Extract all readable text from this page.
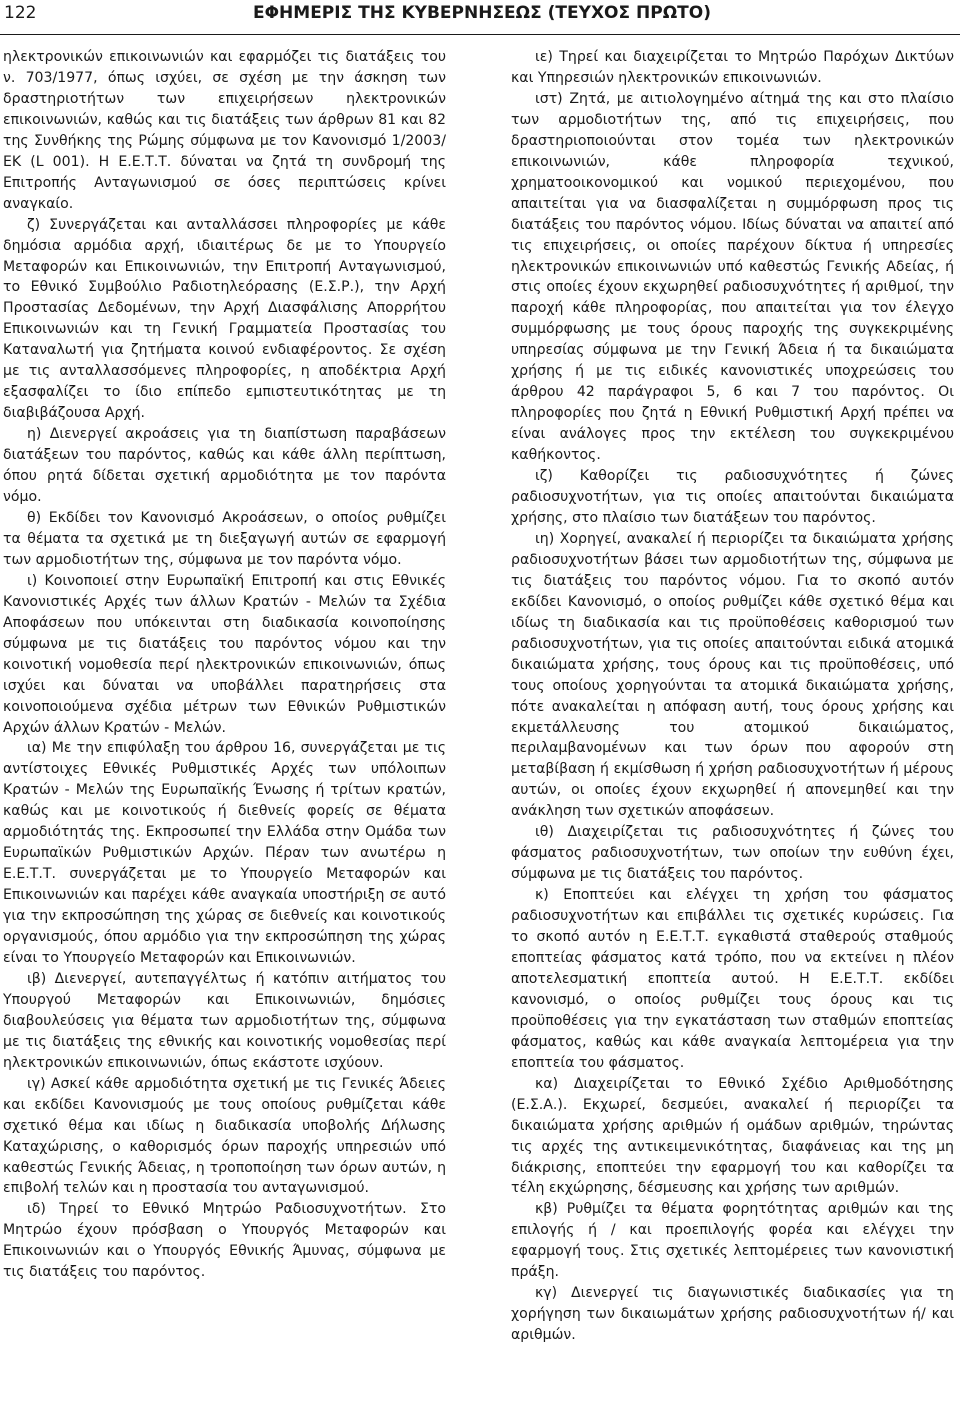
122	ΕΦΗΜΕΡΙΣ ΤΗΣ ΚΥΒΕΡΝΗΣΕΩΣ (ΤΕΥΧΟΣ ΠΡΩΤΟ)

ηλεκτρονικών επικοινωνιών και εφαρμόζει τις διατάξεις του ν. 703/1977, όπως ισχύει, σε σχέση με την άσκηση των δραστηριοτήτων των επιχειρήσεων ηλεκτρονικών επικοινωνιών, καθώς και τις διατάξεις των άρθρων 81 και 82 της Συνθήκης της Ρώμης σύμφωνα με τον Κανονισμό 1/2003/ΕΚ (L 001). Η Ε.Ε.Τ.Τ. δύναται να ζητά τη συνδρομή της Επιτροπής Ανταγωνισμού σε όσες περιπτώσεις κρίνει αναγκαίο.

ζ) Συνεργάζεται και ανταλλάσσει πληροφορίες με κάθε δημόσια αρμόδια αρχή, ιδιαιτέρως δε με το Υπουργείο Μεταφορών και Επικοινωνιών, την Επιτροπή Ανταγωνισμού, το Εθνικό Συμβούλιο Ραδιοτηλεόρασης (Ε.Σ.Ρ.), την Αρχή Προστασίας Δεδομένων, την Αρχή Διασφάλισης Απορρήτου Επικοινωνιών και τη Γενική Γραμματεία Προστασίας του Καταναλωτή για ζητήματα κοινού ενδιαφέροντος. Σε σχέση με τις ανταλλασσόμενες πληροφορίες, η αποδέκτρια Αρχή εξασφαλίζει το ίδιο επίπεδο εμπιστευτικότητας με τη διαβιβάζουσα Αρχή.

η) Διενεργεί ακροάσεις για τη διαπίστωση παραβάσεων διατάξεων του παρόντος, καθώς και κάθε άλλη περίπτωση, όπου ρητά δίδεται σχετική αρμοδιότητα με τον παρόντα νόμο.

θ) Εκδίδει τον Κανονισμό Ακροάσεων, ο οποίος ρυθμίζει τα θέματα τα σχετικά με τη διεξαγωγή αυτών σε εφαρμογή των αρμοδιοτήτων της, σύμφωνα με τον παρόντα νόμο.

ι) Κοινοποιεί στην Ευρωπαϊκή Επιτροπή και στις Εθνικές Κανονιστικές Αρχές των άλλων Κρατών - Μελών τα Σχέδια Αποφάσεων που υπόκεινται στη διαδικασία κοινοποίησης σύμφωνα με τις διατάξεις του παρόντος νόμου και την κοινοτική νομοθεσία περί ηλεκτρονικών επικοινωνιών, όπως ισχύει και δύναται να υποβάλλει παρατηρήσεις στα κοινοποιούμενα σχέδια μέτρων των Εθνικών Ρυθμιστικών Αρχών άλλων Κρατών - Μελών.

ια) Με την επιφύλαξη του άρθρου 16, συνεργάζεται με τις αντίστοιχες Εθνικές Ρυθμιστικές Αρχές των υπόλοιπων Κρατών - Μελών της Ευρωπαϊκής Ένωσης ή τρίτων κρατών, καθώς και με κοινοτικούς ή διεθνείς φορείς σε θέματα αρμοδιότητάς της. Εκπροσωπεί την Ελλάδα στην Ομάδα των Ευρωπαϊκών Ρυθμιστικών Αρχών. Πέραν των ανωτέρω η Ε.Ε.Τ.Τ. συνεργάζεται με το Υπουργείο Μεταφορών και Επικοινωνιών και παρέχει κάθε αναγκαία υποστήριξη σε αυτό για την εκπροσώπηση της χώρας σε διεθνείς και κοινοτικούς οργανισμούς, όπου αρμόδιο για την εκπροσώπηση της χώρας είναι το Υπουργείο Μεταφορών και Επικοινωνιών.

ιβ) Διενεργεί, αυτεπαγγέλτως ή κατόπιν αιτήματος του Υπουργού Μεταφορών και Επικοινωνιών, δημόσιες διαβουλεύσεις για θέματα των αρμοδιοτήτων της, σύμφωνα με τις διατάξεις της εθνικής και κοινοτικής νομοθεσίας περί ηλεκτρονικών επικοινωνιών, όπως εκάστοτε ισχύουν.

ιγ) Ασκεί κάθε αρμοδιότητα σχετική με τις Γενικές Άδειες και εκδίδει Κανονισμούς με τους οποίους ρυθμίζεται κάθε σχετικό θέμα και ιδίως η διαδικασία υποβολής Δήλωσης Καταχώρισης, ο καθορισμός όρων παροχής υπηρεσιών υπό καθεστώς Γενικής Άδειας, η τροποποίηση των όρων αυτών, η επιβολή τελών και η προστασία του ανταγωνισμού.

ιδ) Τηρεί το Εθνικό Μητρώο Ραδιοσυχνοτήτων. Στο Μητρώο έχουν πρόσβαση ο Υπουργός Μεταφορών και Επικοινωνιών και ο Υπουργός Εθνικής Άμυνας, σύμφωνα με τις διατάξεις του παρόντος.

ιε) Τηρεί και διαχειρίζεται το Μητρώο Παρόχων Δικτύων και Υπηρεσιών ηλεκτρονικών επικοινωνιών.

ιστ) Ζητά, με αιτιολογημένο αίτημά της και στο πλαίσιο των αρμοδιοτήτων της, από τις επιχειρήσεις, που δραστηριοποιούνται στον τομέα των ηλεκτρονικών επικοινωνιών, κάθε πληροφορία τεχνικού, χρηματοοικονομικού και νομικού περιεχομένου, που απαιτείται για να διασφαλίζεται η συμμόρφωση προς τις διατάξεις του παρόντος νόμου. Ιδίως δύναται να απαιτεί από τις επιχειρήσεις, οι οποίες παρέχουν δίκτυα ή υπηρεσίες ηλεκτρονικών επικοινωνιών υπό καθεστώς Γενικής Αδείας, ή στις οποίες έχουν εκχωρηθεί ραδιοσυχνότητες ή αριθμοί, την παροχή κάθε πληροφορίας, που απαιτείται για τον έλεγχο συμμόρφωσης με τους όρους παροχής της συγκεκριμένης υπηρεσίας σύμφωνα με την Γενική Άδεια ή τα δικαιώματα χρήσης ή με τις ειδικές κανονιστικές υποχρεώσεις του άρθρου 42 παράγραφοι 5, 6 και 7 του παρόντος. Οι πληροφορίες που ζητά η Εθνική Ρυθμιστική Αρχή πρέπει να είναι ανάλογες προς την εκτέλεση του συγκεκριμένου καθήκοντος.

ιζ) Καθορίζει τις ραδιοσυχνότητες ή ζώνες ραδιοσυχνοτήτων, για τις οποίες απαιτούνται δικαιώματα χρήσης, στο πλαίσιο των διατάξεων του παρόντος.

ιη) Χορηγεί, ανακαλεί ή περιορίζει τα δικαιώματα χρήσης ραδιοσυχνοτήτων βάσει των αρμοδιοτήτων της, σύμφωνα με τις διατάξεις του παρόντος νόμου. Για το σκοπό αυτόν εκδίδει Κανονισμό, ο οποίος ρυθμίζει κάθε σχετικό θέμα και ιδίως τη διαδικασία και τις προϋποθέσεις καθορισμού των ραδιοσυχνοτήτων, για τις οποίες απαιτούνται ειδικά ατομικά δικαιώματα χρήσης, τους όρους και τις προϋποθέσεις, υπό τους οποίους χορηγούνται τα ατομικά δικαιώματα χρήσης, πότε ανακαλείται η απόφαση αυτή, τους όρους χρήσης και εκμετάλλευσης του ατομικού δικαιώματος, περιλαμβανομένων και των όρων που αφορούν στη μεταβίβαση ή εκμίσθωση ή χρήση ραδιοσυχνοτήτων ή μέρους αυτών, οι οποίες έχουν εκχωρηθεί ή απονεμηθεί και την ανάκληση των σχετικών αποφάσεων.

ιθ) Διαχειρίζεται τις ραδιοσυχνότητες ή ζώνες του φάσματος ραδιοσυχνοτήτων, των οποίων την ευθύνη έχει, σύμφωνα με τις διατάξεις του παρόντος.

κ) Εποπτεύει και ελέγχει τη χρήση του φάσματος ραδιοσυχνοτήτων και επιβάλλει τις σχετικές κυρώσεις. Για το σκοπό αυτόν η Ε.Ε.Τ.Τ. εγκαθιστά σταθερούς σταθμούς εποπτείας φάσματος κατά τρόπο, που να εκτείνει η πλέον αποτελεσματική εποπτεία αυτού. Η Ε.Ε.Τ.Τ. εκδίδει κανονισμό, ο οποίος ρυθμίζει τους όρους και τις προϋποθέσεις για την εγκατάσταση των σταθμών εποπτείας φάσματος, καθώς και κάθε αναγκαία λεπτομέρεια για την εποπτεία του φάσματος.

κα) Διαχειρίζεται το Εθνικό Σχέδιο Αριθμοδότησης (Ε.Σ.Α.). Εκχωρεί, δεσμεύει, ανακαλεί ή περιορίζει τα δικαιώματα χρήσης αριθμών ή ομάδων αριθμών, τηρώντας τις αρχές της αντικειμενικότητας, διαφάνειας και της μη διάκρισης, εποπτεύει την εφαρμογή του και καθορίζει τα τέλη εκχώρησης, δέσμευσης και χρήσης των αριθμών.

κβ) Ρυθμίζει τα θέματα φορητότητας αριθμών και της επιλογής ή / και προεπιλογής φορέα και ελέγχει την εφαρμογή τους. Στις σχετικές λεπτομέρειες των κανονιστική πράξη.

κγ) Διενεργεί τις διαγωνιστικές διαδικασίες για τη χορήγηση των δικαιωμάτων χρήσης ραδιοσυχνοτήτων ή/ και αριθμών.
